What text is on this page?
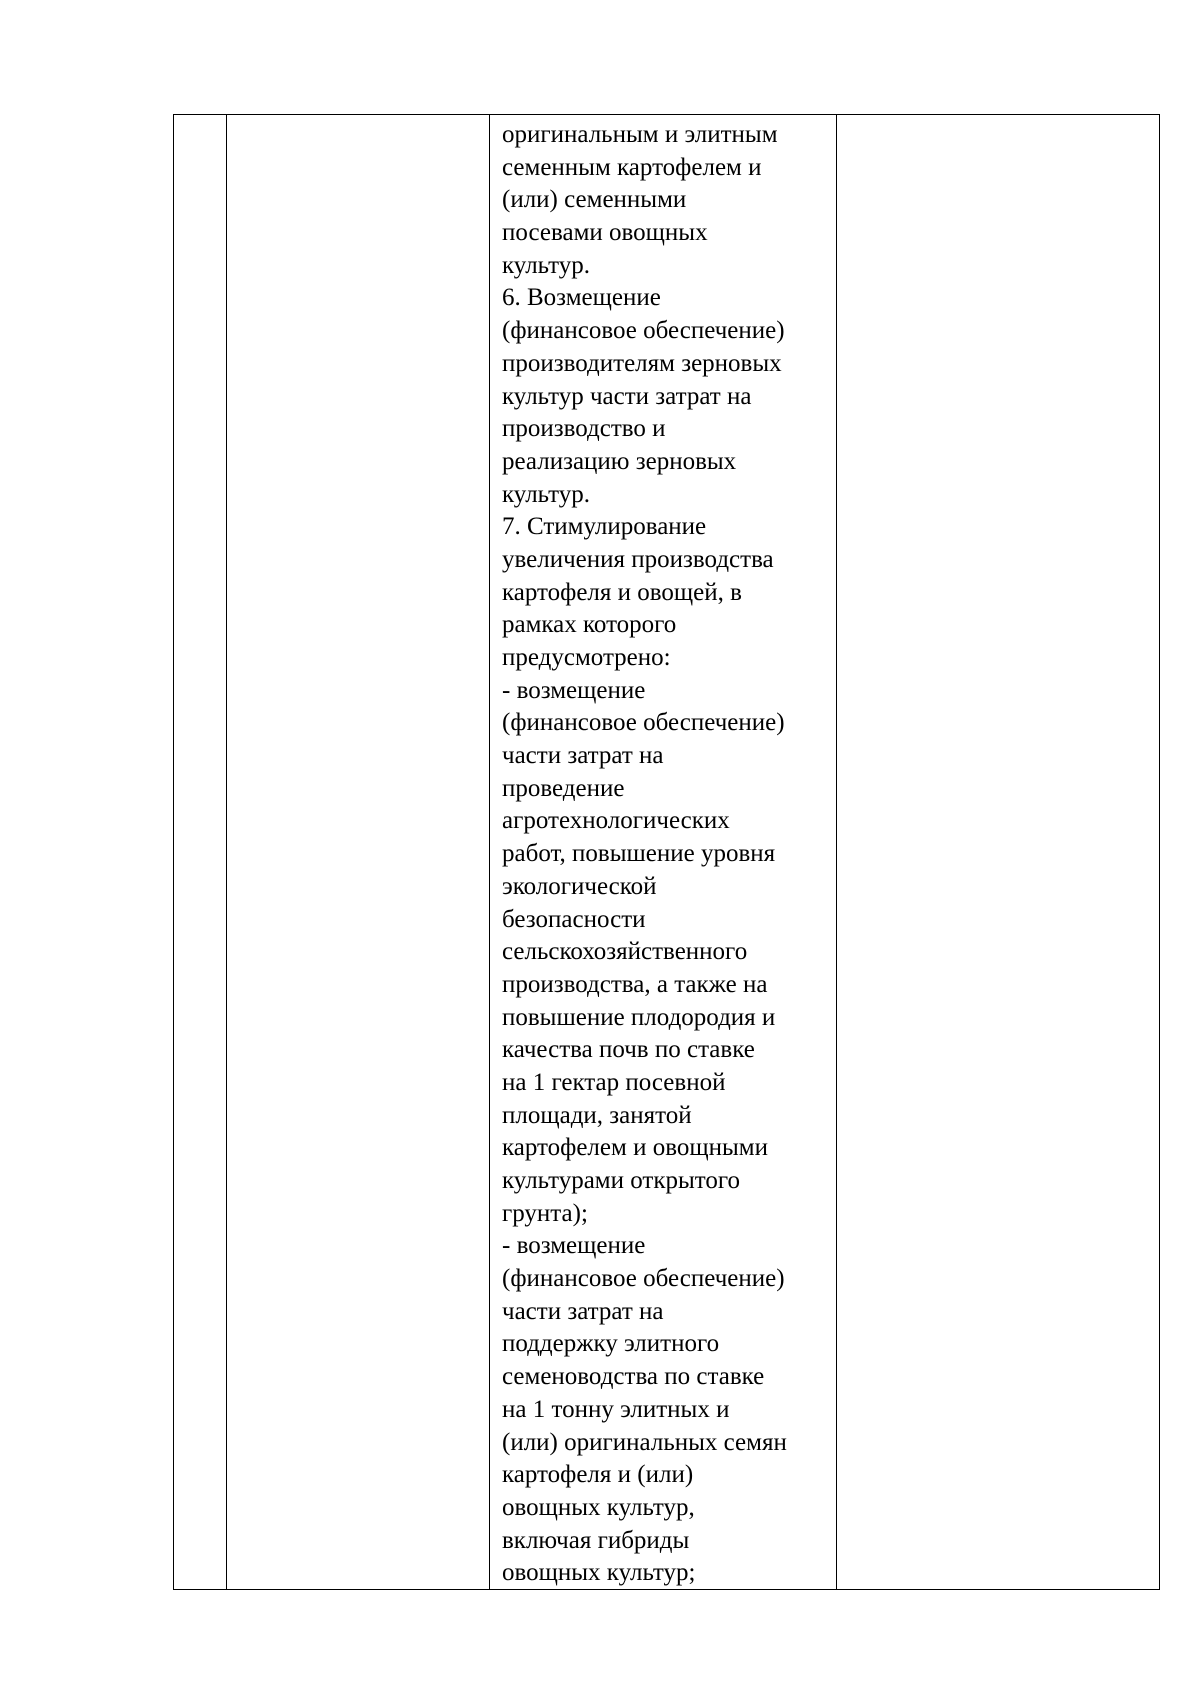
оригинальным и элитным
семенным картофелем и
(или) семенными
посевами овощных
культур.
6. Возмещение
(финансовое обеспечение)
производителям зерновых
культур части затрат на
производство и
реализацию зерновых
культур.
7. Стимулирование
увеличения производства
картофеля и овощей, в
рамках которого
предусмотрено:
- возмещение
(финансовое обеспечение)
части затрат на
проведение
агротехнологических
работ, повышение уровня
экологической
безопасности
сельскохозяйственного
производства, а также на
повышение плодородия и
качества почв по ставке
на 1 гектар посевной
площади, занятой
картофелем и овощными
культурами открытого
грунта);
- возмещение
(финансовое обеспечение)
части затрат на
поддержку элитного
семеноводства по ставке
на 1 тонну элитных и
(или) оригинальных семян
картофеля и (или)
овощных культур,
включая гибриды
овощных культур;
